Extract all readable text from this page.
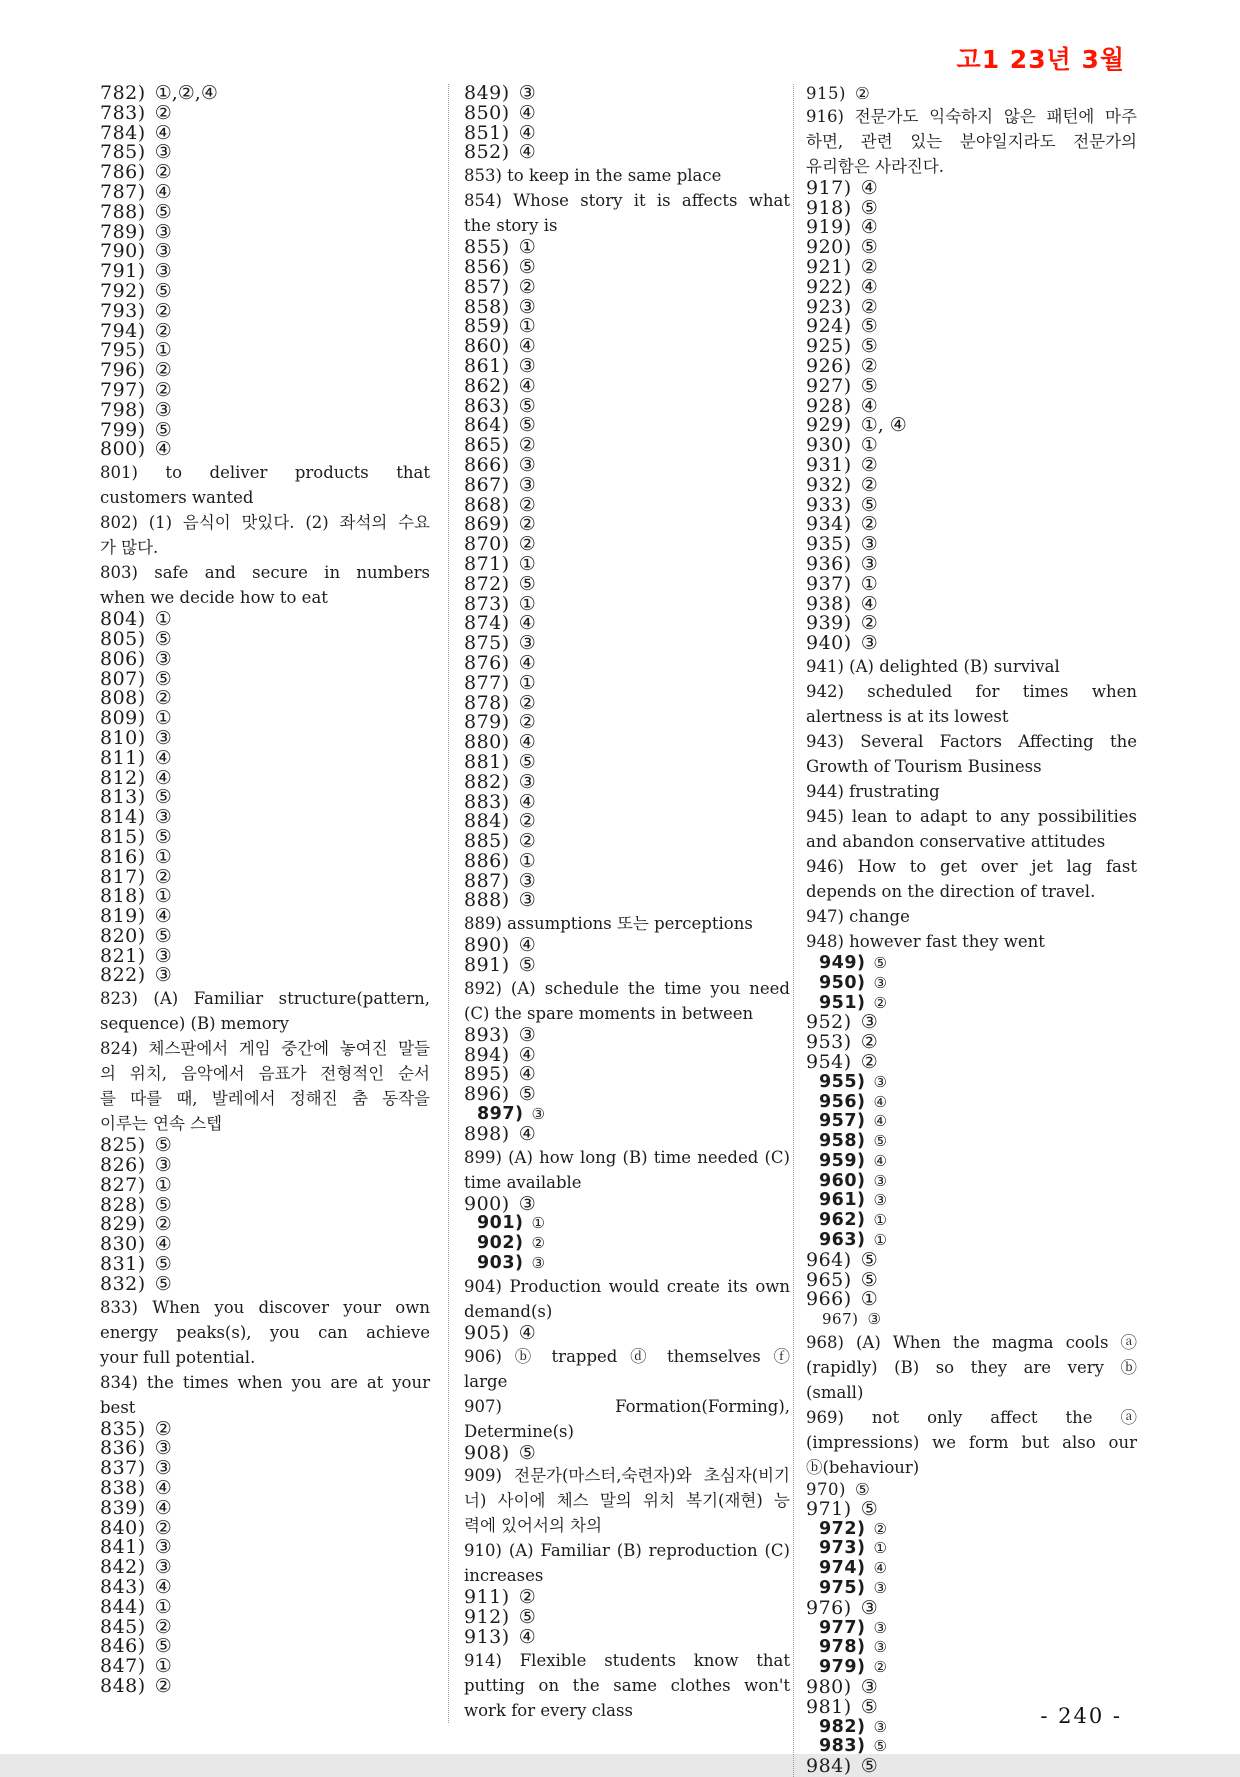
고1 23년 3월
782) ①,②,④
783) ②
784) ④
785) ③
786) ②
787) ④
788) ⑤
789) ③
790) ③
791) ③
792) ⑤
793) ②
794) ②
795) ①
796) ②
797) ②
798) ③
799) ⑤
800) ④
801) to deliver products that
customers wanted
802) (1) 음식이 맛있다. (2) 좌석의 수요
가 많다.
803) safe and secure in numbers
when we decide how to eat
804) ①
805) ⑤
806) ③
807) ⑤
808) ②
809) ①
810) ③
811) ④
812) ④
813) ⑤
814) ③
815) ⑤
816) ①
817) ②
818) ①
819) ④
820) ⑤
821) ③
822) ③
823) (A) Familiar structure(pattern,
sequence) (B) memory
824) 체스판에서 게임 중간에 놓여진 말들
의 위치, 음악에서 음표가 전형적인 순서
를 따를 때, 발레에서 정해진 춤 동작을
이루는 연속 스텝
825) ⑤
826) ③
827) ①
828) ⑤
829) ②
830) ④
831) ⑤
832) ⑤
833) When you discover your own
energy peaks(s), you can achieve
your full potential.
834) the times when you are at your
best
835) ②
836) ③
837) ③
838) ④
839) ④
840) ②
841) ③
842) ③
843) ④
844) ①
845) ②
846) ⑤
847) ①
848) ②
849) ③
850) ④
851) ④
852) ④
853) to keep in the same place
854) Whose story it is affects what
the story is
855) ①
856) ⑤
857) ②
858) ③
859) ①
860) ④
861) ③
862) ④
863) ⑤
864) ⑤
865) ②
866) ③
867) ③
868) ②
869) ②
870) ②
871) ①
872) ⑤
873) ①
874) ④
875) ③
876) ④
877) ①
878) ②
879) ②
880) ④
881) ⑤
882) ③
883) ④
884) ②
885) ②
886) ①
887) ③
888) ③
889) assumptions 또는 perceptions
890) ④
891) ⑤
892) (A) schedule the time you need
(C) the spare moments in between
893) ③
894) ④
895) ④
896) ⑤
897) ③
898) ④
899) (A) how long (B) time needed (C)
time available
900) ③
901) ①
902) ②
903) ③
904) Production would create its own
demand(s)
905) ④
906) ⓑ trapped ⓓ themselves ⓕ
large
907) Formation(Forming),
Determine(s)
908) ⑤
909) 전문가(마스터,숙련자)와 초심자(비기
너) 사이에 체스 말의 위치 복기(재현) 능
력에 있어서의 차의
910) (A) Familiar (B) reproduction (C)
increases
911) ②
912) ⑤
913) ④
914) Flexible students know that
putting on the same clothes won't
work for every class
915) ②
916) 전문가도 익숙하지 않은 패턴에 마주
하면, 관련 있는 분야일지라도 전문가의
유리함은 사라진다.
917) ④
918) ⑤
919) ④
920) ⑤
921) ②
922) ④
923) ②
924) ⑤
925) ⑤
926) ②
927) ⑤
928) ④
929) ①, ④
930) ①
931) ②
932) ②
933) ⑤
934) ②
935) ③
936) ③
937) ①
938) ④
939) ②
940) ③
941) (A) delighted (B) survival
942) scheduled for times when
alertness is at its lowest
943) Several Factors Affecting the
Growth of Tourism Business
944) frustrating
945) lean to adapt to any possibilities
and abandon conservative attitudes
946) How to get over jet lag fast
depends on the direction of travel.
947) change
948) however fast they went
949) ⑤
950) ③
951) ②
952) ③
953) ②
954) ②
955) ③
956) ④
957) ④
958) ⑤
959) ④
960) ③
961) ③
962) ①
963) ①
964) ⑤
965) ⑤
966) ①
967) ③
968) (A) When the magma cools ⓐ
(rapidly) (B) so they are very ⓑ
(small)
969) not only affect the ⓐ
(impressions) we form but also our
ⓑ(behaviour)
970) ⑤
971) ⑤
972) ②
973) ①
974) ④
975) ③
976) ③
977) ③
978) ③
979) ②
980) ③
981) ⑤
982) ③
983) ⑤
984) ⑤
- 240 -
